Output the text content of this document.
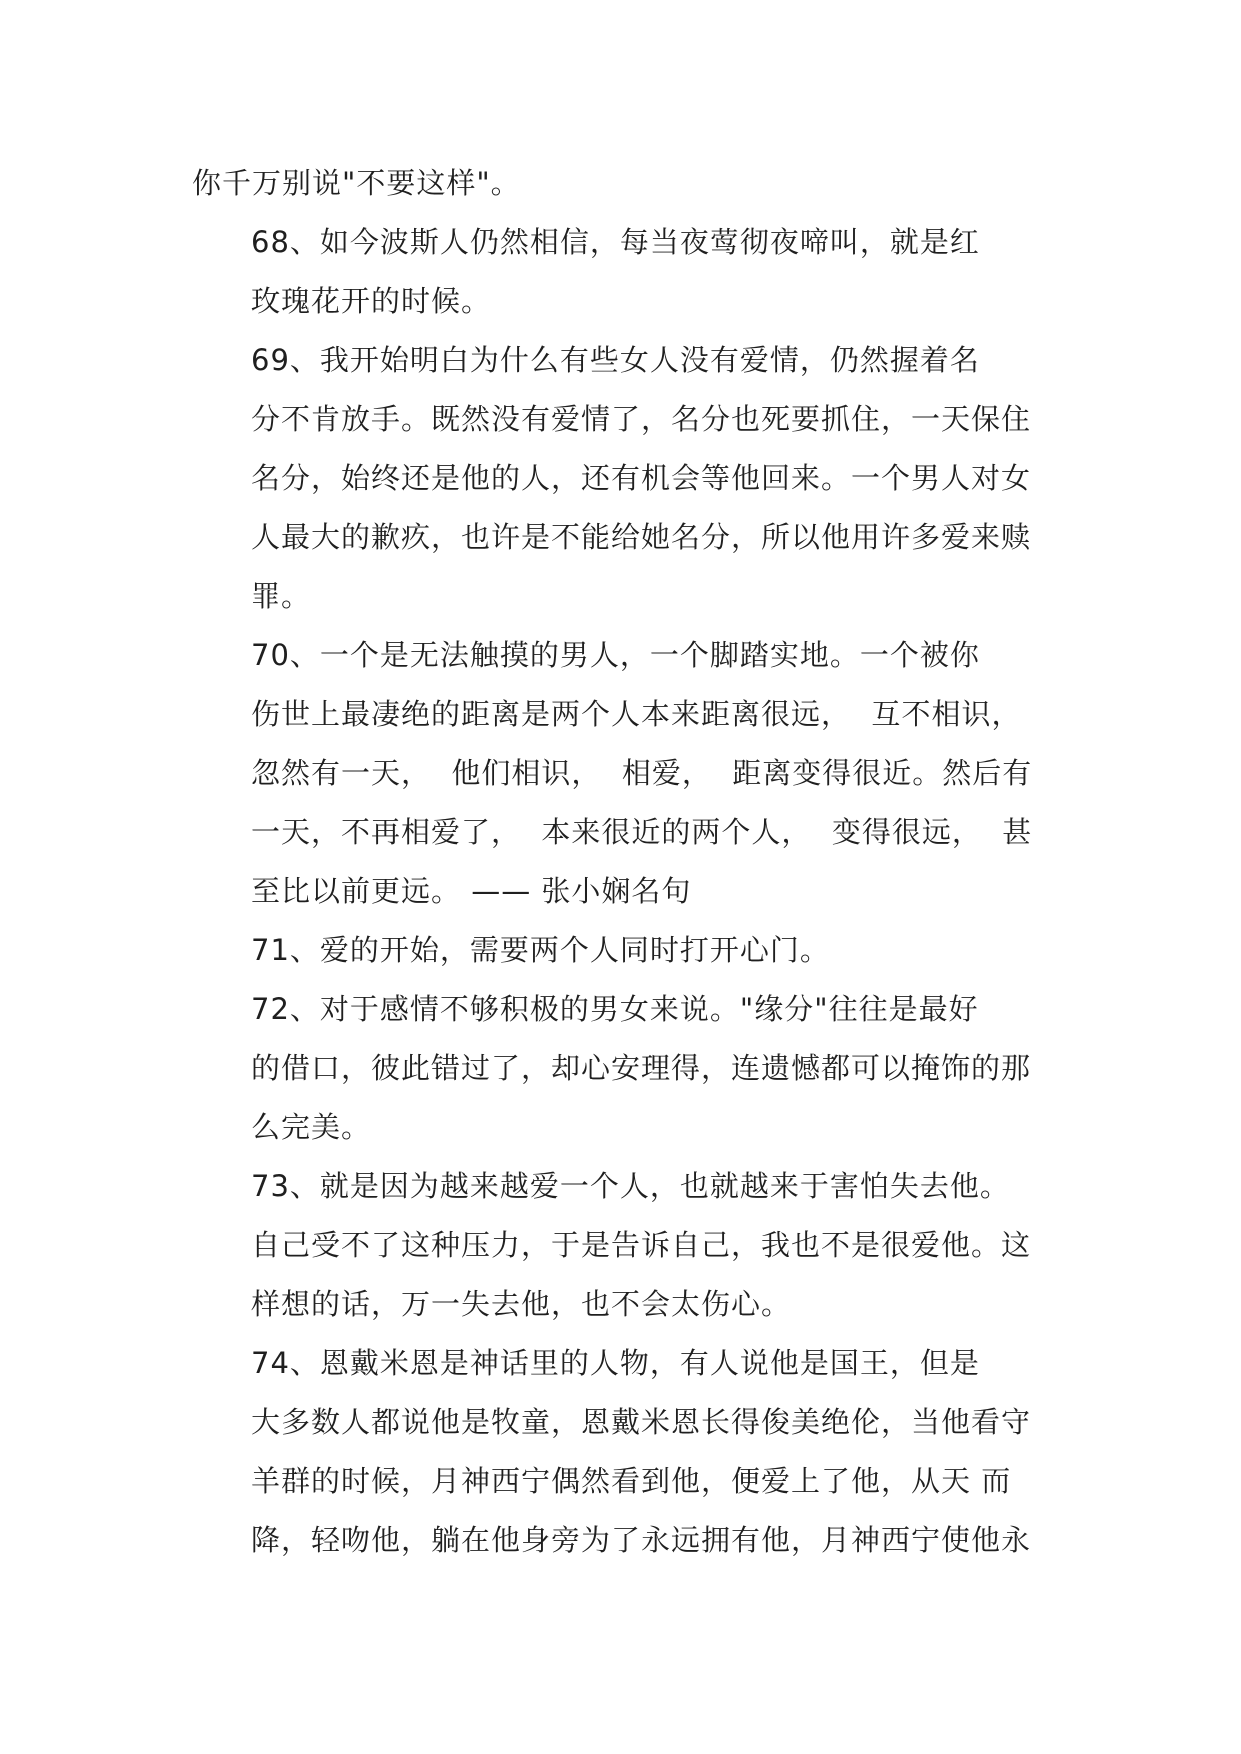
你千万别说"不要这样"。
68、如今波斯人仍然相信，每当夜莺彻夜啼叫，就是红
玫瑰花开的时候。
69、我开始明白为什么有些女人没有爱情，仍然握着名
分不肯放手。既然没有爱情了，名分也死要抓住，一天保住
名分，始终还是他的人，还有机会等他回来。一个男人对女
人最大的歉疚，也许是不能给她名分，所以他用许多爱来赎
罪。
70、一个是无法触摸的男人，一个脚踏实地。一个被你
伤世上最凄绝的距离是两个人本来距离很远，  互不相识，
忽然有一天，  他们相识，  相爱，  距离变得很近。然后有
一天，不再相爱了，  本来很近的两个人，  变得很远，  甚
至比以前更远。 —— 张小娴名句
71、爱的开始，需要两个人同时打开心门。
72、对于感情不够积极的男女来说。"缘分"往往是最好
的借口，彼此错过了，却心安理得，连遗憾都可以掩饰的那
么完美。
73、就是因为越来越爱一个人，也就越来于害怕失去他。
自己受不了这种压力，于是告诉自己，我也不是很爱他。这
样想的话，万一失去他，也不会太伤心。
74、恩戴米恩是神话里的人物，有人说他是国王，但是
大多数人都说他是牧童，恩戴米恩长得俊美绝伦，当他看守
羊群的时候，月神西宁偶然看到他，便爱上了他，从天 而
降，轻吻他，躺在他身旁为了永远拥有他，月神西宁使他永
